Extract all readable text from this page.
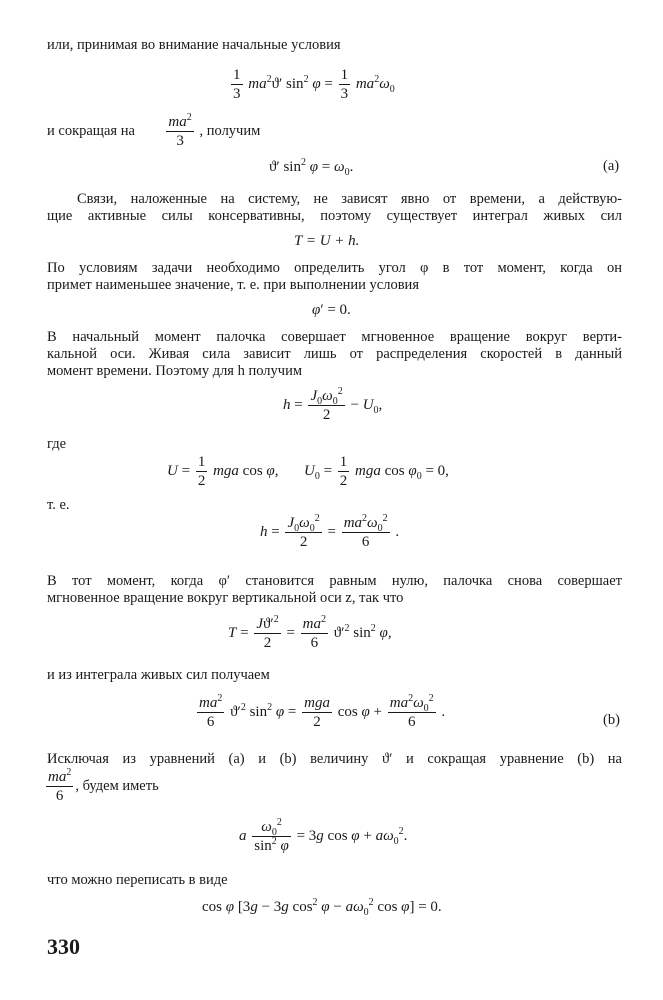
или, принимая во внимание начальные условия
$\frac{1}{3} ma^2ϑ'$ $\sin^2 \varphi = \frac{1}{3} ma^2\omega_0$
и сокращая на $\frac{ma^2}{3}$ , получим
ϑ′ $\sin^2 \varphi = \omega_0$.	(a)
Связи, наложенные на систему, не зависят явно от времени, а действую-
щие активные силы консервативны, поэтому существует интеграл живых сил
T = U + h.
По условиям задачи необходимо определить угол φ в тот момент, когда он
примет наименьшее значение, т. е. при выполнении условия
φ′ = 0.
В начальный момент палочка совершает мгновенное вращение вокруг верти-
кальной оси. Живая сила зависит лишь от распределения скоростей в данный
момент времени. Поэтому для h получим
$h = \frac{J_0\omega_0^2}{2} - U_0$,
где
$U = \frac{1}{2}$ mga cos φ,  $U_0 = \frac{1}{2}$ mga $\cos \varphi_0 = 0$,
т. е.
$h = \frac{J_0\omega_0^2}{2} = \frac{ma^2\omega_0^2}{6}$ .
В тот момент, когда φ′ становится равным нулю, палочка снова совершает
мгновенное вращение вокруг вертикальной оси z, так что
$T = \frac{Jϑ'^2}{2} = \frac{ma^2}{6} ϑ'^2$ $\sin^2 \varphi$,
и из интеграла живых сил получаем
$\frac{ma^2}{6} ϑ'^2$ $\sin^2 \varphi = \frac{\text{mga}}{2}$ $\cos \varphi + \frac{ma^2\omega_0^2}{6}$ .
(b)
Исключая из уравнений (a) и (b) величину ϑ′ и сокращая уравнение (b) на
$\frac{ma^2}{6}$ , будем иметь
a $\frac{\omega_0^2}{\sin^2 \varphi} = 3g$ $\cos \varphi + a\omega_0^2$.
что можно переписать в виде
cos φ [3g − 3g $\cos^2 \varphi - a\omega_0^2$ cos φ] = 0.
330
